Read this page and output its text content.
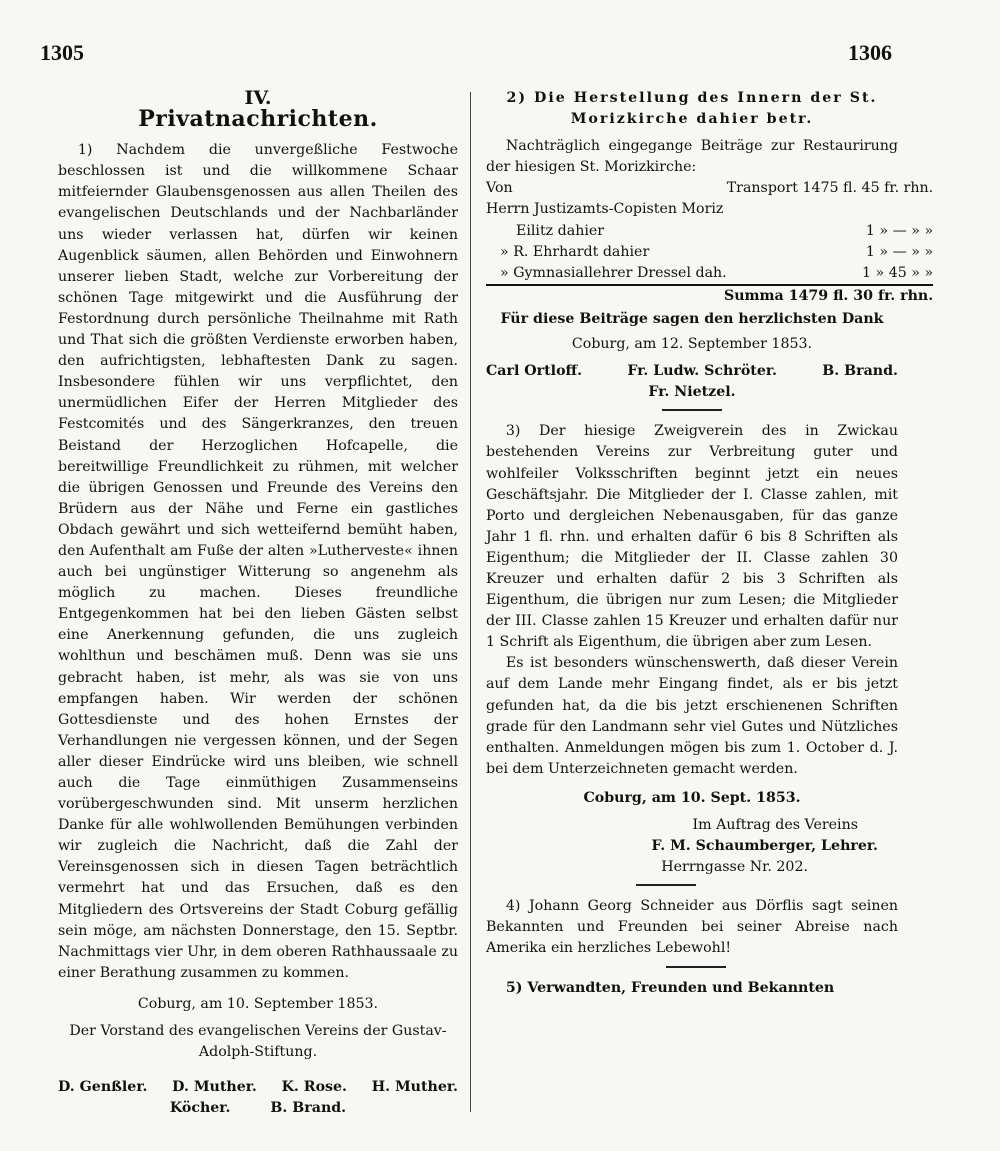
1305	1306
IV.
Privatnachrichten.

1) Nachdem die unvergeßliche Festwoche beschlossen ist und die willkommene Schaar mitfeiernder Glaubensgenossen aus allen Theilen des evangelischen Deutschlands und der Nachbarländer uns wieder verlassen hat, dürfen wir keinen Augenblick säumen, allen Behörden und Einwohnern unserer lieben Stadt, welche zur Vorbereitung der schönen Tage mitgewirkt und die Ausführung der Festordnung durch persönliche Theilnahme mit Rath und That sich die größten Verdienste erworben haben, den aufrichtigsten, lebhaftesten Dank zu sagen. Insbesondere fühlen wir uns verpflichtet, den unermüdlichen Eifer der Herren Mitglieder des Festcomités und des Sängerkranzes, den treuen Beistand der Herzoglichen Hofcapelle, die bereitwillige Freundlichkeit zu rühmen, mit welcher die übrigen Genossen und Freunde des Vereins den Brüdern aus der Nähe und Ferne ein gastliches Obdach gewährt und sich wetteifernd bemüht haben, den Aufenthalt am Fuße der alten »Lutherveste« ihnen auch bei ungünstiger Witterung so angenehm als möglich zu machen. Dieses freundliche Entgegenkommen hat bei den lieben Gästen selbst eine Anerkennung gefunden, die uns zugleich wohlthun und beschämen muß. Denn was sie uns gebracht haben, ist mehr, als was sie von uns empfangen haben. Wir werden der schönen Gottesdienste und des hohen Ernstes der Verhandlungen nie vergessen können, und der Segen aller dieser Eindrücke wird uns bleiben, wie schnell auch die Tage einmüthigen Zusammenseins vorübergeschwunden sind. Mit unserm herzlichen Danke für alle wohlwollenden Bemühungen verbinden wir zugleich die Nachricht, daß die Zahl der Vereinsgenossen sich in diesen Tagen beträchtlich vermehrt hat und das Ersuchen, daß es den Mitgliedern des Ortsvereins der Stadt Coburg gefällig sein möge, am nächsten Donnerstage, den 15. Septbr. Nachmittags vier Uhr, in dem oberen Rathhaussaale zu einer Berathung zusammen zu kommen.

Coburg, am 10. September 1853.
Der Vorstand des evangelischen Vereins der Gustav-Adolph-Stiftung.
D. Genßler. D. Muther. K. Rose. H. Muther.
Köcher.	B. Brand.
2) Die Herstellung des Innern der St. Morizkirche dahier betr.

Nachträglich eingegange Beiträge zur Restaurirung der hiesigen St. Morizkirche:

Von	Transport 1475 fl. 45 fr. rhn.
Herrn Justizamts-Copisten Moriz	
Eilitz dahier	1 » — » »
» R. Ehrhardt dahier	1 » — » »
» Gymnasiallehrer Dressel dah.	1 » 45 » »
Summa 1479 fl. 30 fr. rhn.	
Für diese Beiträge sagen den herzlichsten Dank
Coburg, am 12. September 1853.
Carl Ortloff.	Fr. Ludw. Schröter.	B. Brand.
Fr. Nietzel.

3) Der hiesige Zweigverein des in Zwickau bestehenden Vereins zur Verbreitung guter und wohlfeiler Volksschriften beginnt jetzt ein neues Geschäftsjahr. Die Mitglieder der I. Classe zahlen, mit Porto und dergleichen Nebenausgaben, für das ganze Jahr 1 fl. rhn. und erhalten dafür 6 bis 8 Schriften als Eigenthum; die Mitglieder der II. Classe zahlen 30 Kreuzer und erhalten dafür 2 bis 3 Schriften als Eigenthum, die übrigen nur zum Lesen; die Mitglieder der III. Classe zahlen 15 Kreuzer und erhalten dafür nur 1 Schrift als Eigenthum, die übrigen aber zum Lesen.

Es ist besonders wünschenswerth, daß dieser Verein auf dem Lande mehr Eingang findet, als er bis jetzt gefunden hat, da die bis jetzt erschienenen Schriften grade für den Landmann sehr viel Gutes und Nützliches enthalten. Anmeldungen mögen bis zum 1. October d. J. bei dem Unterzeichneten gemacht werden.

Coburg, am 10. Sept. 1853.
Im Auftrag des Vereins
F. M. Schaumberger, Lehrer.
Herrngasse Nr. 202.

4) Johann Georg Schneider aus Dörflis sagt seinen Bekannten und Freunden bei seiner Abreise nach Amerika ein herzliches Lebewohl!

5) Verwandten, Freunden und Bekannten
